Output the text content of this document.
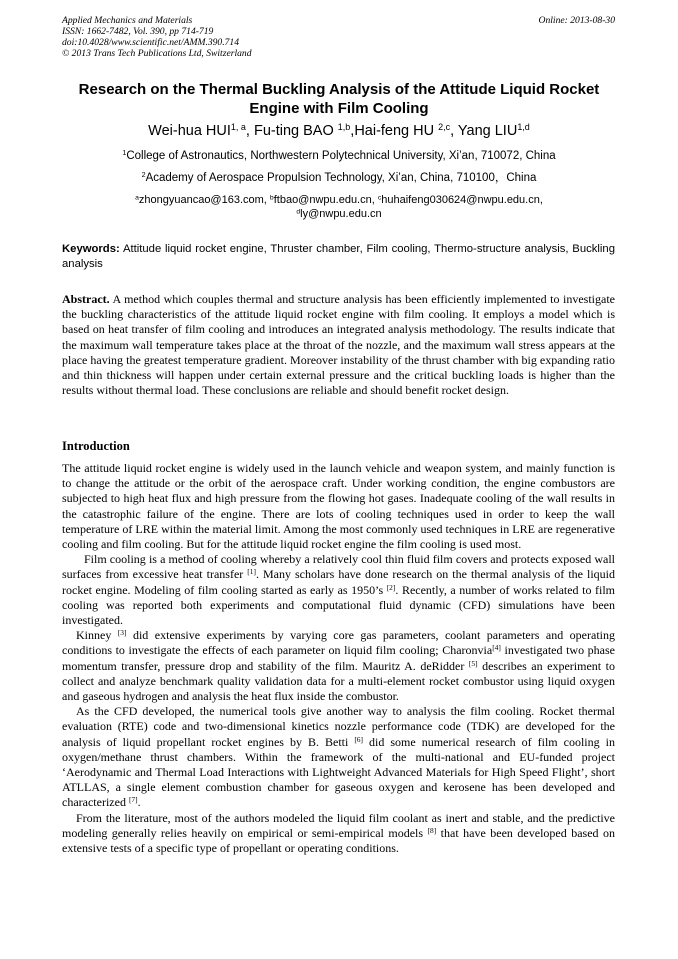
Applied Mechanics and Materials
ISSN: 1662-7482, Vol. 390, pp 714-719
doi:10.4028/www.scientific.net/AMM.390.714
© 2013 Trans Tech Publications Ltd, Switzerland
Online: 2013-08-30
Research on the Thermal Buckling Analysis of the Attitude Liquid Rocket Engine with Film Cooling
Wei-hua HUI$^{1, a}$, Fu-ting BAO $^{1,b}$,Hai-feng HU $^{2,c}$, Yang LIU$^{1,d}$
$^1$College of Astronautics, Northwestern Polytechnical University, Xi’an, 710072, China
$^2$Academy of Aerospace Propulsion Technology, Xi’an, China, 710100，China
$^a$zhongyuancao@163.com, $^b$ftbao@nwpu.edu.cn, $^c$huhaifeng030624@nwpu.edu.cn,
$^d$ly@nwpu.edu.cn
Keywords: Attitude liquid rocket engine, Thruster chamber, Film cooling, Thermo-structure analysis, Buckling analysis
Abstract. A method which couples thermal and structure analysis has been efficiently implemented to investigate the buckling characteristics of the attitude liquid rocket engine with film cooling. It employs a model which is based on heat transfer of film cooling and introduces an integrated analysis methodology. The results indicate that the maximum wall temperature takes place at the throat of the nozzle, and the maximum wall stress appears at the place having the greatest temperature gradient. Moreover instability of the thrust chamber with big expanding ratio and thin thickness will happen under certain external pressure and the critical buckling loads is higher than the results without thermal load. These conclusions are reliable and should benefit rocket design.
Introduction

The attitude liquid rocket engine is widely used in the launch vehicle and weapon system, and mainly function is to change the attitude or the orbit of the aerospace craft. Under working condition, the engine combustors are subjected to high heat flux and high pressure from the flowing hot gases. Inadequate cooling of the wall results in the catastrophic failure of the engine. There are lots of cooling techniques used in order to keep the wall temperature of LRE within the material limit. Among the most commonly used techniques in LRE are regenerative cooling and film cooling. But for the attitude liquid rocket engine the film cooling is used most.

Film cooling is a method of cooling whereby a relatively cool thin fluid film covers and protects exposed wall surfaces from excessive heat transfer [1]. Many scholars have done research on the thermal analysis of the liquid rocket engine. Modeling of film cooling started as early as 1950’s [2]. Recently, a number of works related to film cooling was reported both experiments and computational fluid dynamic (CFD) simulations have been investigated.

Kinney [3] did extensive experiments by varying core gas parameters, coolant parameters and operating conditions to investigate the effects of each parameter on liquid film cooling; Charonvia[4] investigated two phase momentum transfer, pressure drop and stability of the film. Mauritz A. deRidder [5] describes an experiment to collect and analyze benchmark quality validation data for a multi-element rocket combustor using liquid oxygen and gaseous hydrogen and analysis the heat flux inside the combustor.

As the CFD developed, the numerical tools give another way to analysis the film cooling. Rocket thermal evaluation (RTE) code and two-dimensional kinetics nozzle performance code (TDK) are developed for the analysis of liquid propellant rocket engines by B. Betti [6] did some numerical research of film cooling in oxygen/methane thrust chambers. Within the framework of the multi-national and EU-funded project ‘Aerodynamic and Thermal Load Interactions with Lightweight Advanced Materials for High Speed Flight’, short ATLLAS, a single element combustion chamber for gaseous oxygen and kerosene has been developed and characterized [7].

From the literature, most of the authors modeled the liquid film coolant as inert and stable, and the predictive modeling generally relies heavily on empirical or semi-empirical models [8] that have been developed based on extensive tests of a specific type of propellant or operating conditions.
